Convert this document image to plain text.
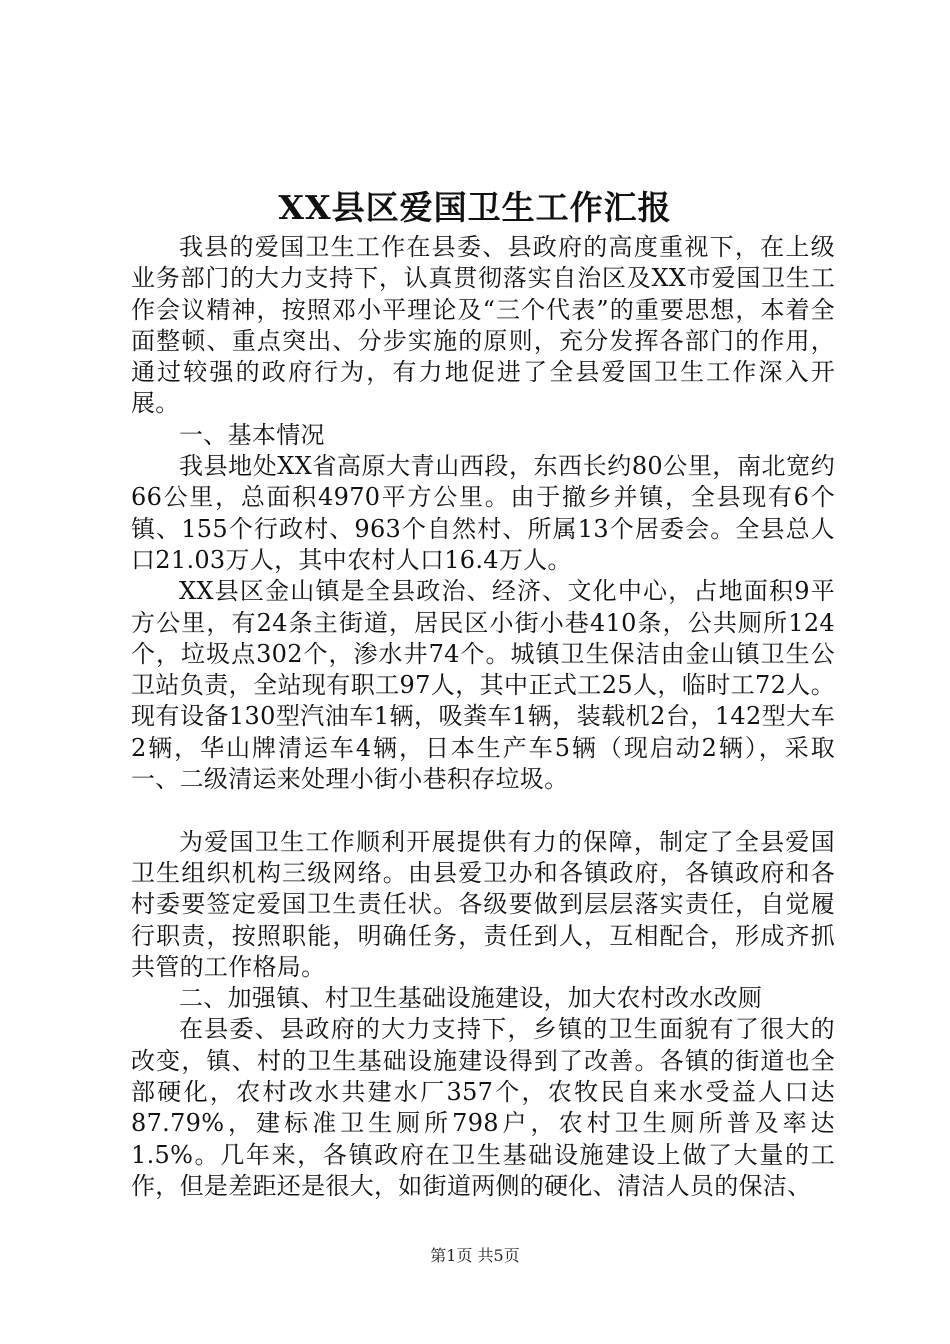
XX县区爱国卫生工作汇报

我县的爱国卫生工作在县委、县政府的高度重视下，在上级业务部门的大力支持下，认真贯彻落实自治区及XX市爱国卫生工作会议精神，按照邓小平理论及“三个代表”的重要思想，本着全面整顿、重点突出、分步实施的原则，充分发挥各部门的作用，通过较强的政府行为，有力地促进了全县爱国卫生工作深入开展。

一、基本情况

我县地处XX省高原大青山西段，东西长约80公里，南北宽约66公里，总面积4970平方公里。由于撤乡并镇，全县现有6个镇、155个行政村、963个自然村、所属13个居委会。全县总人口21.03万人，其中农村人口16.4万人。

XX县区金山镇是全县政治、经济、文化中心，占地面积9平方公里，有24条主街道，居民区小街小巷410条，公共厕所124个，垃圾点302个，渗水井74个。城镇卫生保洁由金山镇卫生公卫站负责，全站现有职工97人，其中正式工25人，临时工72人。现有设备130型汽油车1辆，吸粪车1辆，装载机2台，142型大车2辆，华山牌清运车4辆，日本生产车5辆（现启动2辆），采取一、二级清运来处理小街小巷积存垃圾。

为爱国卫生工作顺利开展提供有力的保障，制定了全县爱国卫生组织机构三级网络。由县爱卫办和各镇政府，各镇政府和各村委要签定爱国卫生责任状。各级要做到层层落实责任，自觉履行职责，按照职能，明确任务，责任到人，互相配合，形成齐抓共管的工作格局。

二、加强镇、村卫生基础设施建设，加大农村改水改厕

在县委、县政府的大力支持下，乡镇的卫生面貌有了很大的改变，镇、村的卫生基础设施建设得到了改善。各镇的街道也全部硬化，农村改水共建水厂357个，农牧民自来水受益人口达87.79%，建标准卫生厕所798户，农村卫生厕所普及率达1.5%。几年来，各镇政府在卫生基础设施建设上做了大量的工作，但是差距还是很大，如街道两侧的硬化、清洁人员的保洁、

第1页 共5页
